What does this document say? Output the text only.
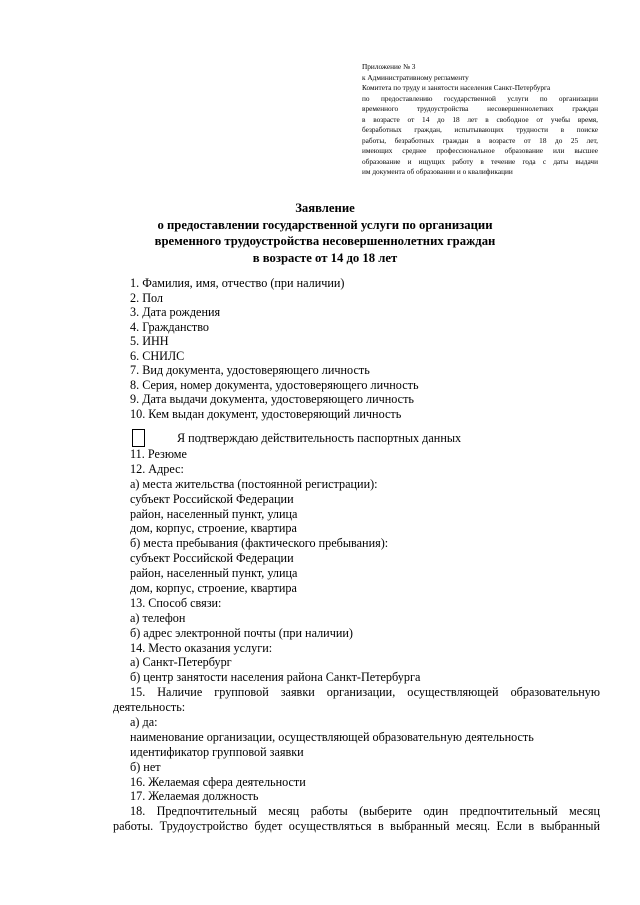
Приложение № 3
к Административному регламенту
Комитета по труду и занятости населения Санкт-Петербурга
по предоставлению государственной услуги по организации
временного трудоустройства несовершеннолетних граждан
в возрасте от 14 до 18 лет в свободное от учебы время,
безработных граждан, испытывающих трудности в поиске
работы, безработных граждан в возрасте от 18 до 25 лет,
имеющих среднее профессиональное образование или высшее
образование и ищущих работу в течение года с даты выдачи
им документа об образовании и о квалификации
Заявление
о предоставлении государственной услуги по организации
временного трудоустройства несовершеннолетних граждан
в возрасте от 14 до 18 лет
1. Фамилия, имя, отчество (при наличии)
2. Пол
3. Дата рождения
4. Гражданство
5. ИНН
6. СНИЛС
7. Вид документа, удостоверяющего личность
8. Серия, номер документа, удостоверяющего личность
9. Дата выдачи документа, удостоверяющего личность
10. Кем выдан документ, удостоверяющий личность
Я подтверждаю действительность паспортных данных
11. Резюме
12. Адрес:
а) места жительства (постоянной регистрации):
субъект Российской Федерации
район, населенный пункт, улица
дом, корпус, строение, квартира
б) места пребывания (фактического пребывания):
субъект Российской Федерации
район, населенный пункт, улица
дом, корпус, строение, квартира
13. Способ связи:
а) телефон
б) адрес электронной почты (при наличии)
14. Место оказания услуги:
а) Санкт-Петербург
б) центр занятости населения района Санкт-Петербурга
15. Наличие групповой заявки организации, осуществляющей образовательную
деятельность:
а) да:
наименование организации, осуществляющей образовательную деятельность
идентификатор групповой заявки
б) нет
16. Желаемая сфера деятельности
17. Желаемая должность
18. Предпочтительный месяц работы (выберите один предпочтительный месяц
работы. Трудоустройство будет осуществляться в выбранный месяц. Если в выбранный
